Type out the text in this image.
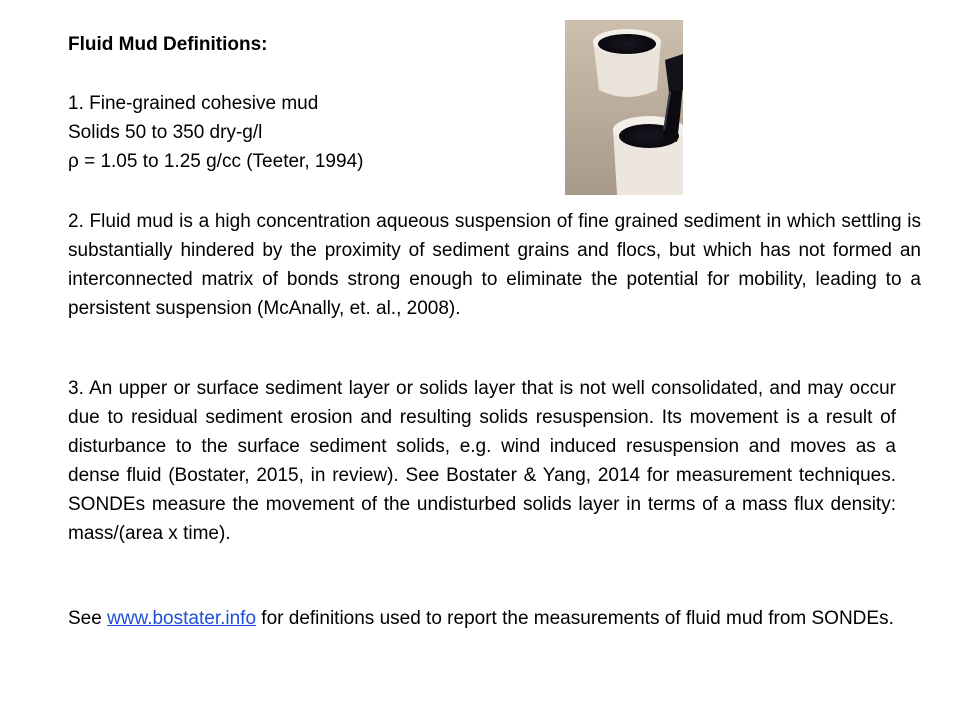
Fluid Mud Definitions:
1. Fine-grained cohesive mud
Solids 50 to 350 dry-g/l
ρ = 1.05 to 1.25 g/cc (Teeter, 1994)
2. Fluid mud is a high concentration aqueous suspension of fine grained sediment in which settling is substantially hindered by the proximity of sediment grains and flocs, but which has not formed an interconnected matrix of bonds strong enough to eliminate the potential for mobility, leading to a persistent suspension (McAnally, et. al., 2008).
3. An upper or surface sediment layer or solids layer that is not well consolidated, and may occur due to residual sediment erosion and resulting solids resuspension. Its movement is a result of disturbance to the surface sediment solids, e.g. wind induced resuspension and moves as a dense fluid (Bostater, 2015, in review). See Bostater & Yang, 2014 for measurement techniques. SONDEs measure the movement of the undisturbed solids layer in terms of a mass flux density: mass/(area x time).
See www.bostater.info for definitions used to report the measurements of fluid mud from SONDEs.
